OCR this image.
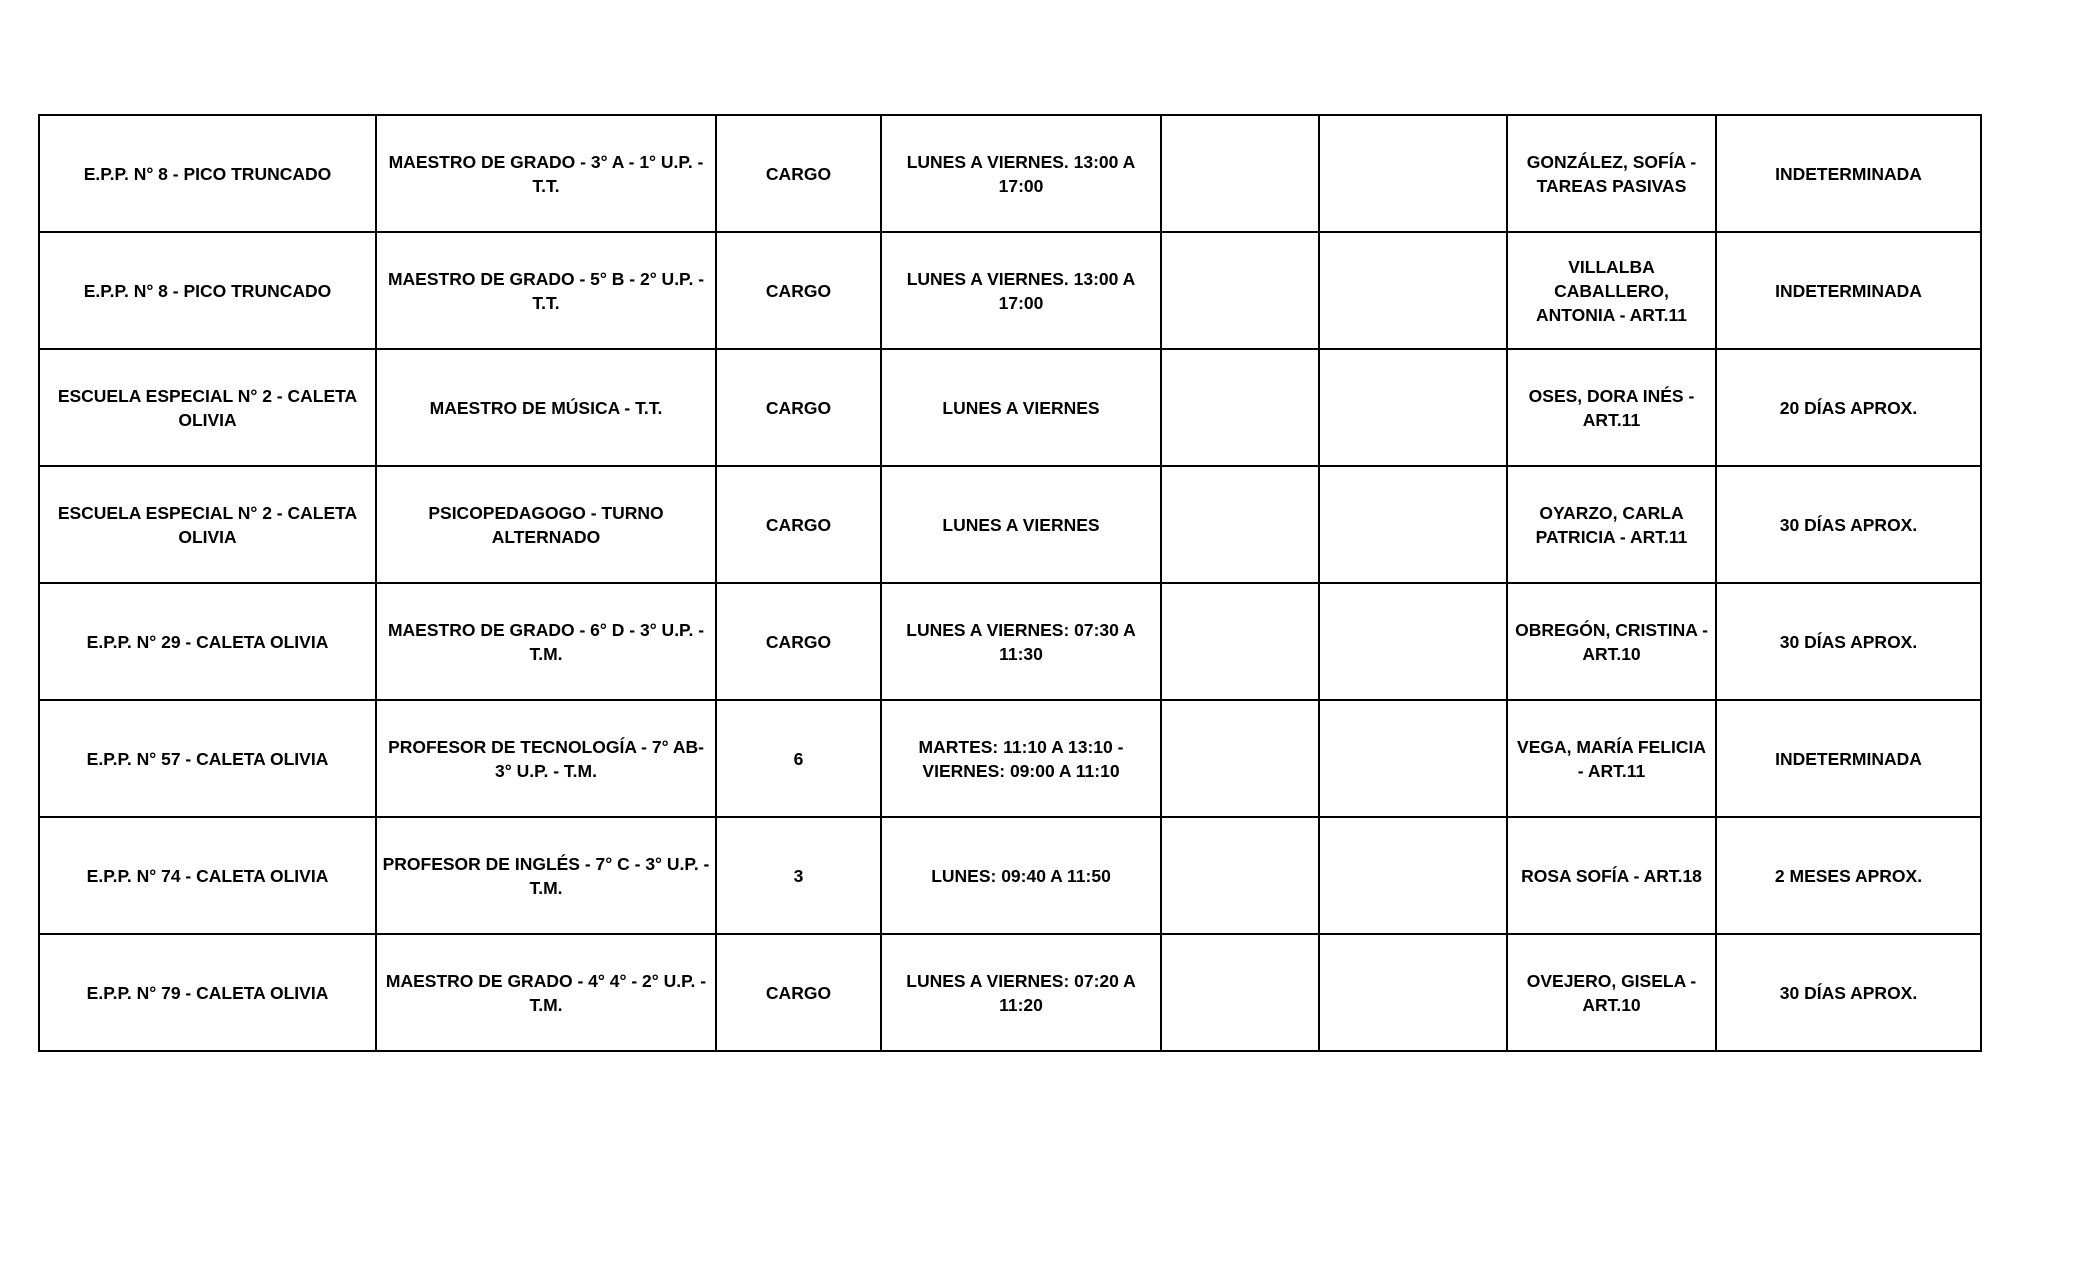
E.P.P. N° 8 - PICO TRUNCADO	MAESTRO DE GRADO - 3° A - 1° U.P. - T.T.	CARGO	LUNES A VIERNES. 13:00 A 17:00			GONZÁLEZ, SOFÍA - TAREAS PASIVAS	INDETERMINADA
E.P.P. N° 8 - PICO TRUNCADO	MAESTRO DE GRADO - 5° B - 2° U.P. - T.T.	CARGO	LUNES A VIERNES. 13:00 A 17:00			VILLALBA CABALLERO, ANTONIA - ART.11	INDETERMINADA
ESCUELA ESPECIAL N° 2 - CALETA OLIVIA	MAESTRO DE MÚSICA - T.T.	CARGO	LUNES A VIERNES			OSES, DORA INÉS - ART.11	20 DÍAS APROX.
ESCUELA ESPECIAL N° 2 - CALETA OLIVIA	PSICOPEDAGOGO - TURNO ALTERNADO	CARGO	LUNES A VIERNES			OYARZO, CARLA PATRICIA - ART.11	30 DÍAS APROX.
E.P.P. N° 29 - CALETA OLIVIA	MAESTRO DE GRADO - 6° D - 3° U.P. - T.M.	CARGO	LUNES A VIERNES: 07:30 A 11:30			OBREGÓN, CRISTINA - ART.10	30 DÍAS APROX.
E.P.P. N° 57 - CALETA OLIVIA	PROFESOR DE TECNOLOGÍA - 7° AB- 3° U.P. - T.M.	6	MARTES: 11:10 A 13:10 - VIERNES: 09:00 A 11:10			VEGA, MARÍA FELICIA - ART.11	INDETERMINADA
E.P.P. N° 74 - CALETA OLIVIA	PROFESOR DE INGLÉS - 7° C - 3° U.P. - T.M.	3	LUNES: 09:40 A 11:50			ROSA SOFÍA - ART.18	2 MESES APROX.
E.P.P. N° 79 - CALETA OLIVIA	MAESTRO DE GRADO - 4° 4° - 2° U.P. - T.M.	CARGO	LUNES A VIERNES: 07:20 A 11:20			OVEJERO, GISELA - ART.10	30 DÍAS APROX.
